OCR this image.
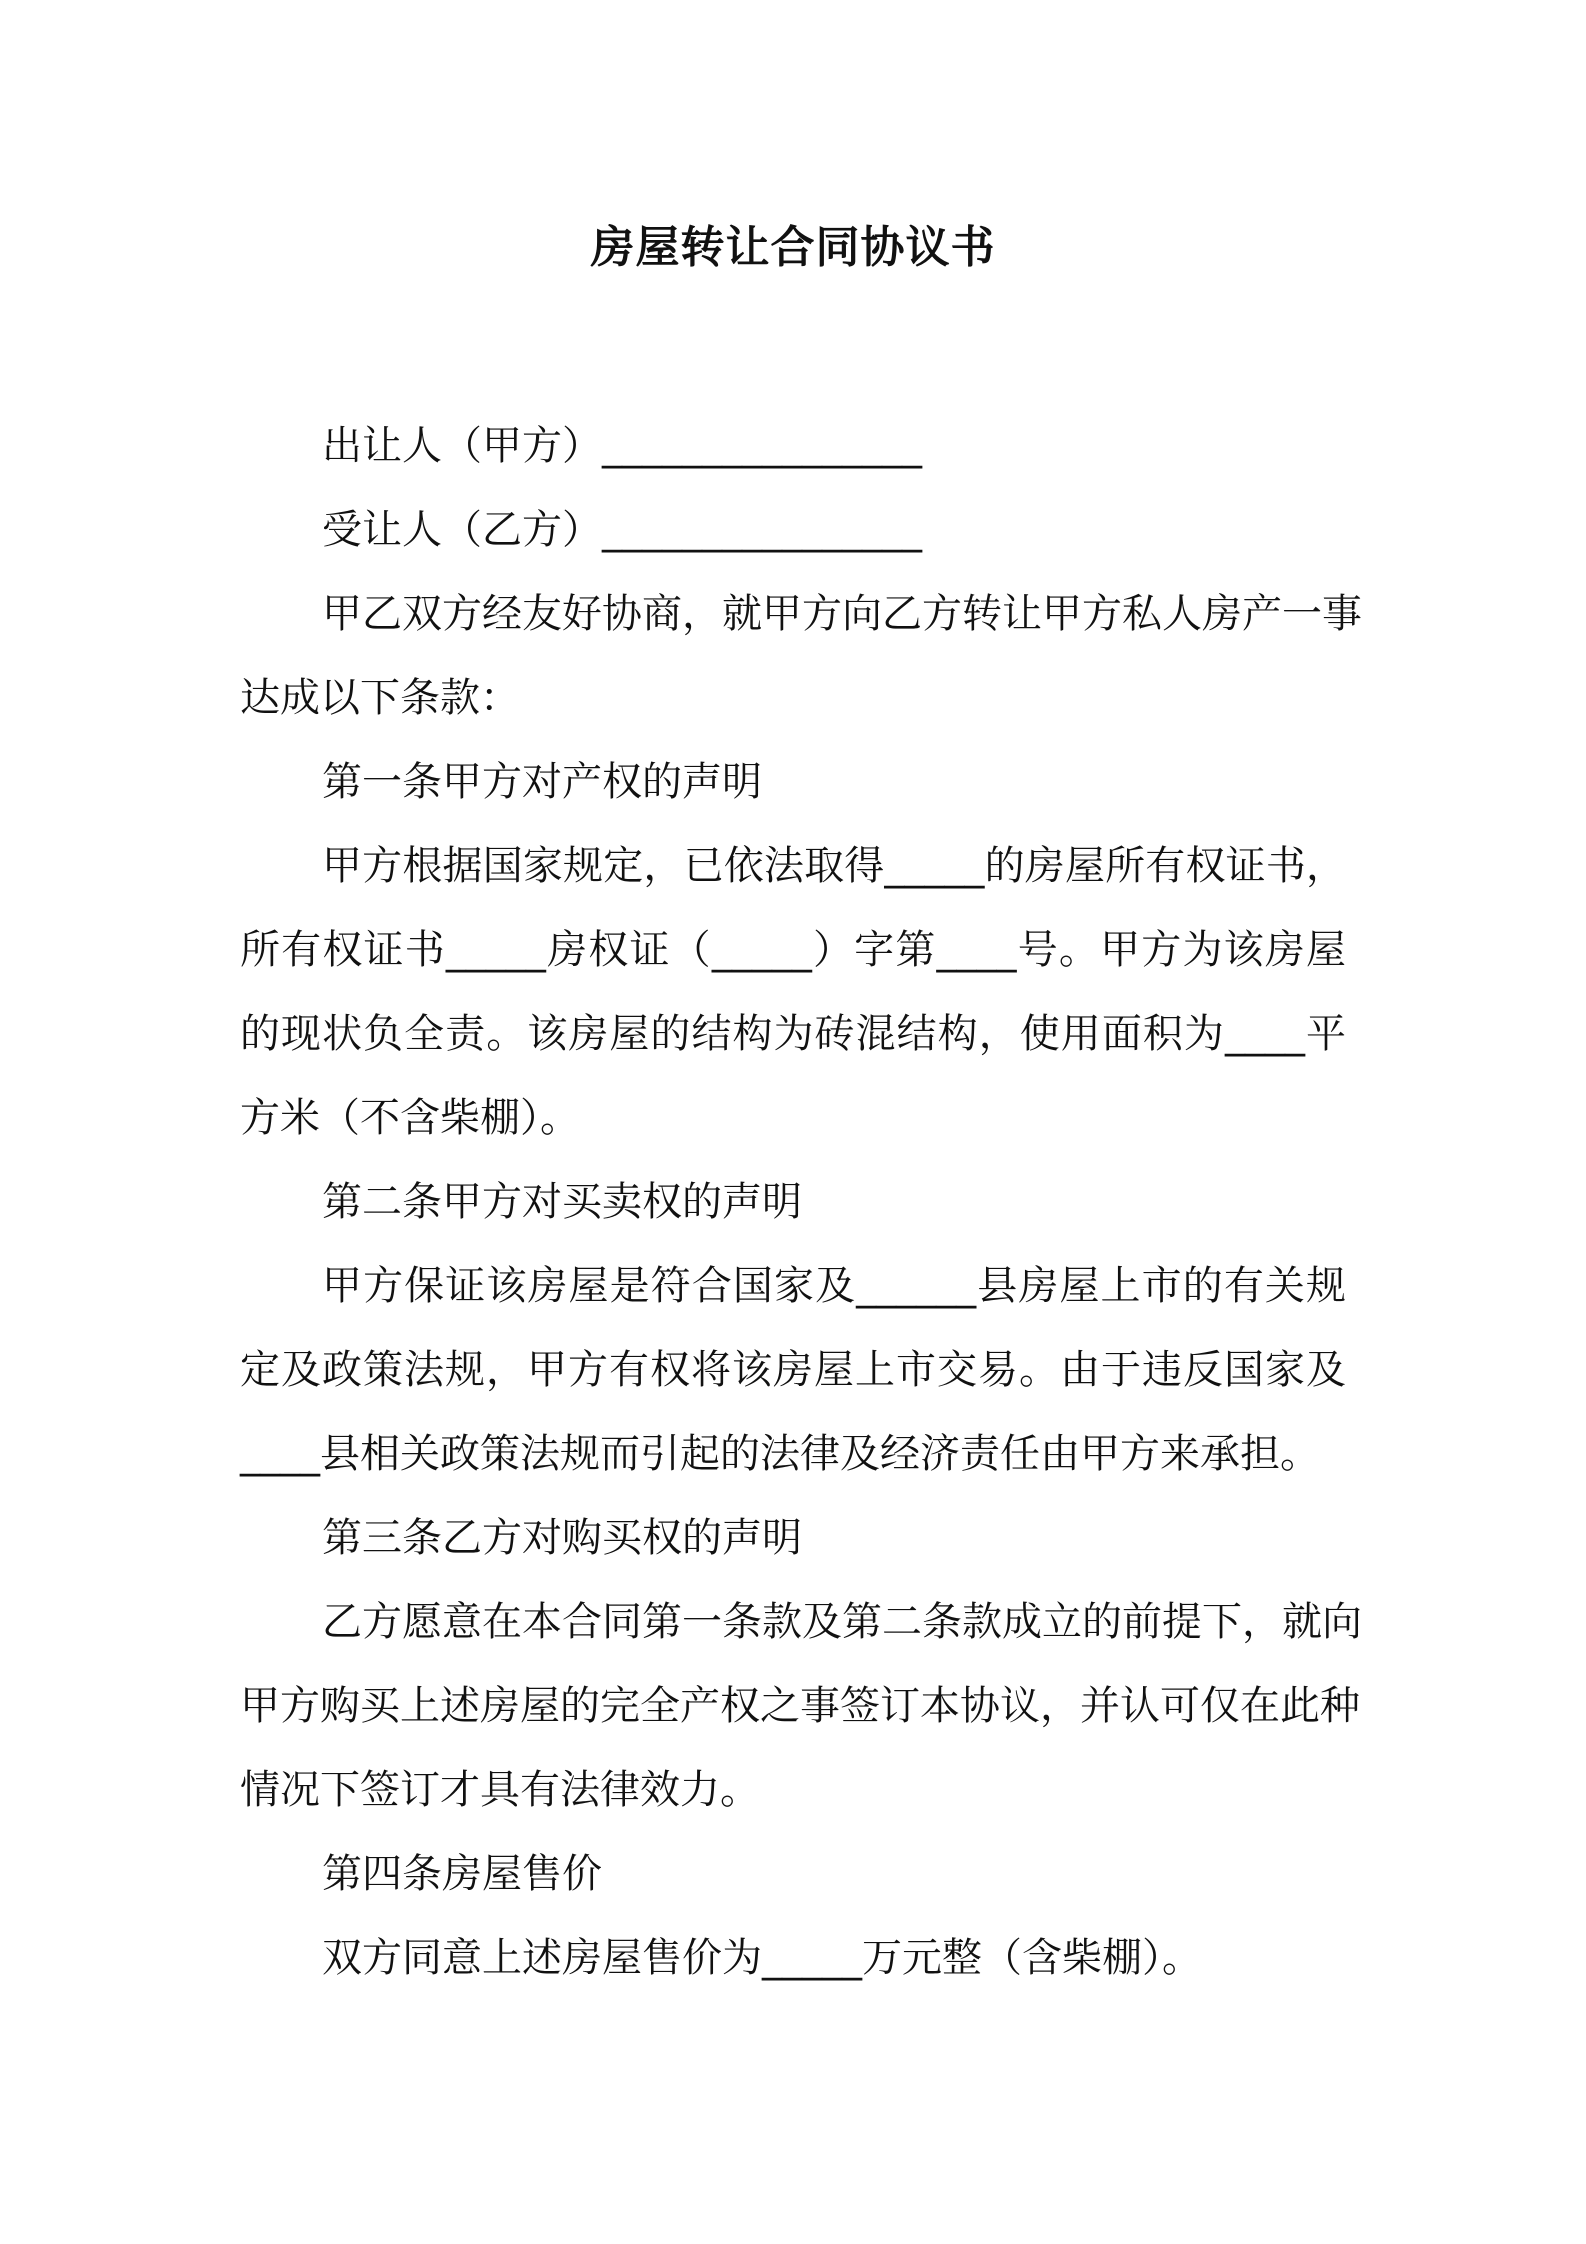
房屋转让合同协议书
出让人（甲方）________________
受让人（乙方）________________
甲乙双方经友好协商，就甲方向乙方转让甲方私人房产一事
达成以下条款：
第一条甲方对产权的声明
甲方根据国家规定，已依法取得_____的房屋所有权证书，
所有权证书_____房权证（_____）字第____号。甲方为该房屋
的现状负全责。该房屋的结构为砖混结构，使用面积为____平
方米（不含柴棚）。
第二条甲方对买卖权的声明
甲方保证该房屋是符合国家及______县房屋上市的有关规
定及政策法规，甲方有权将该房屋上市交易。由于违反国家及
____县相关政策法规而引起的法律及经济责任由甲方来承担。
第三条乙方对购买权的声明
乙方愿意在本合同第一条款及第二条款成立的前提下，就向
甲方购买上述房屋的完全产权之事签订本协议，并认可仅在此种
情况下签订才具有法律效力。
第四条房屋售价
双方同意上述房屋售价为_____万元整（含柴棚）。
